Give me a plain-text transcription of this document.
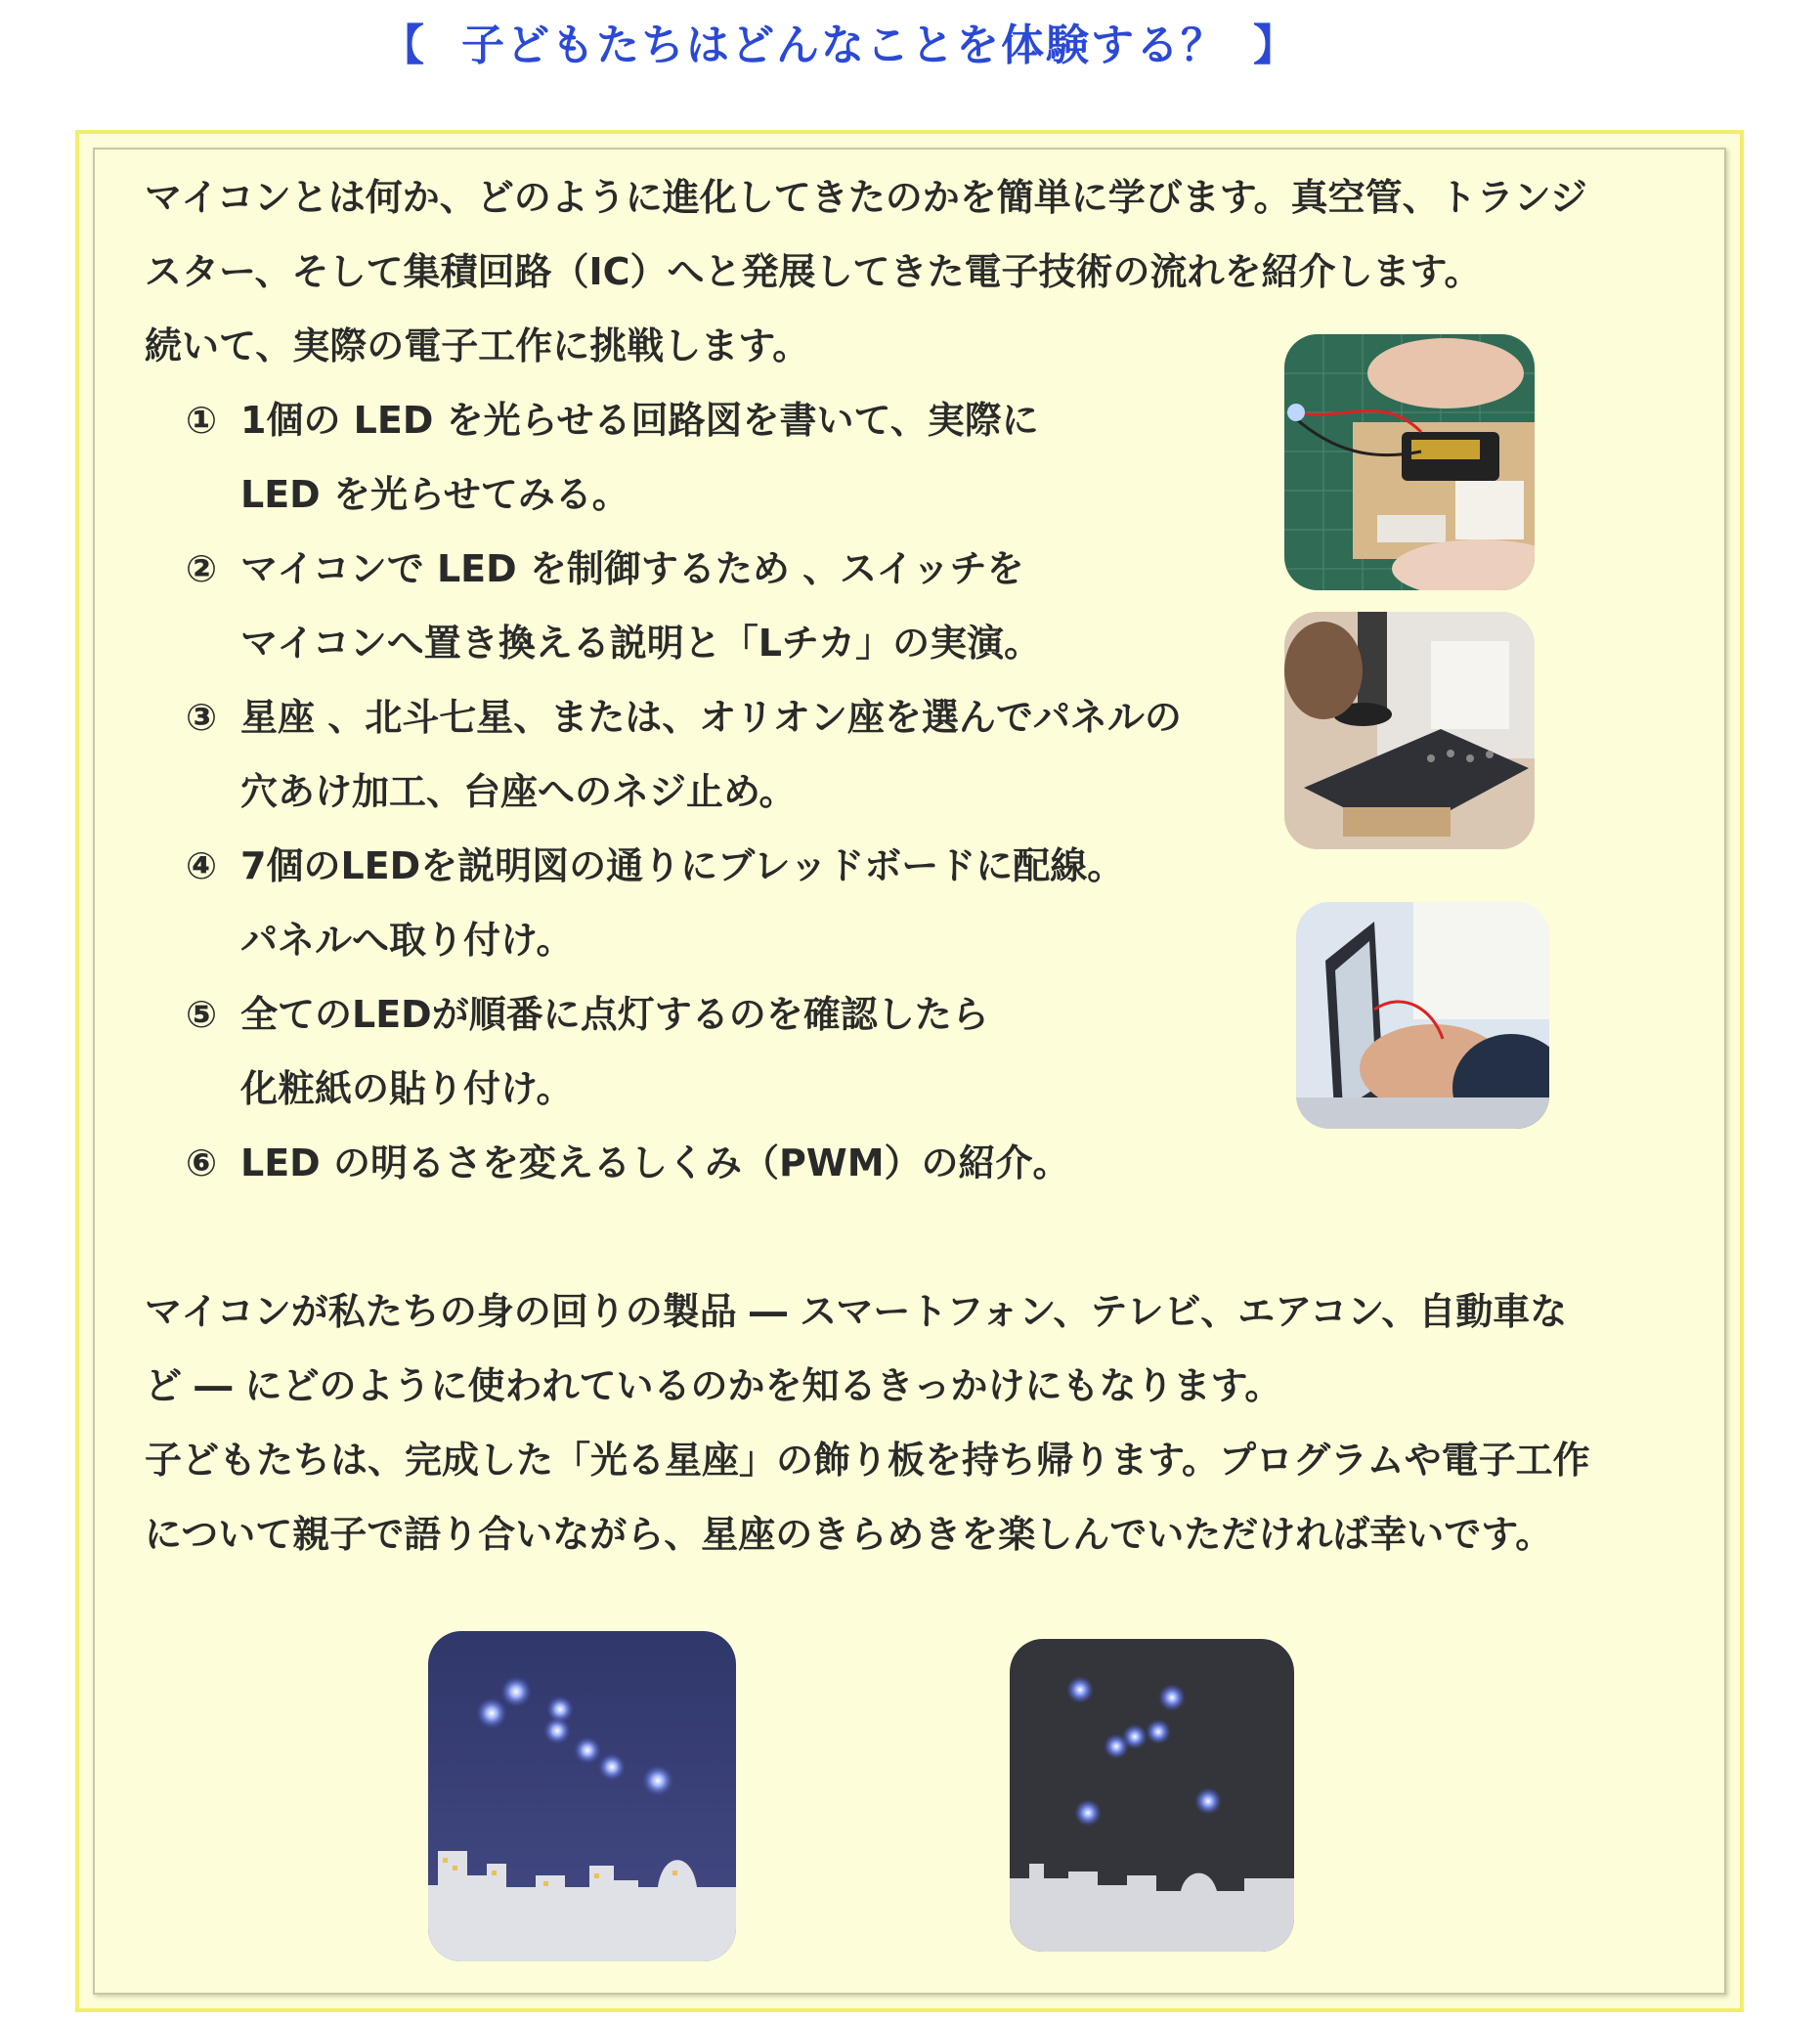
【 子どもたちはどんなことを体験する？ 】
マイコンとは何か、どのように進化してきたのかを簡単に学びます。真空管、トランジ
スター、そして集積回路（IC）へと発展してきた電子技術の流れを紹介します。
続いて、実際の電子工作に挑戦します。
① 1個の LED を光らせる回路図を書いて、実際に
LED を光らせてみる。
② マイコンで LED を制御するため 、スイッチを
マイコンへ置き換える説明と「Lチカ」の実演。
③ 星座 、北斗七星、または、オリオン座を選んでパネルの
穴あけ加工、台座へのネジ止め。
④ 7個のLEDを説明図の通りにブレッドボードに配線。
パネルへ取り付け。
⑤ 全てのLEDが順番に点灯するのを確認したら
化粧紙の貼り付け。
⑥ LED の明るさを変えるしくみ（PWM）の紹介。
マイコンが私たちの身の回りの製品 ― スマートフォン、テレビ、エアコン、自動車な
ど ― にどのように使われているのかを知るきっかけにもなります。
子どもたちは、完成した「光る星座」の飾り板を持ち帰ります。プログラムや電子工作
について親子で語り合いながら、星座のきらめきを楽しんでいただければ幸いです。
